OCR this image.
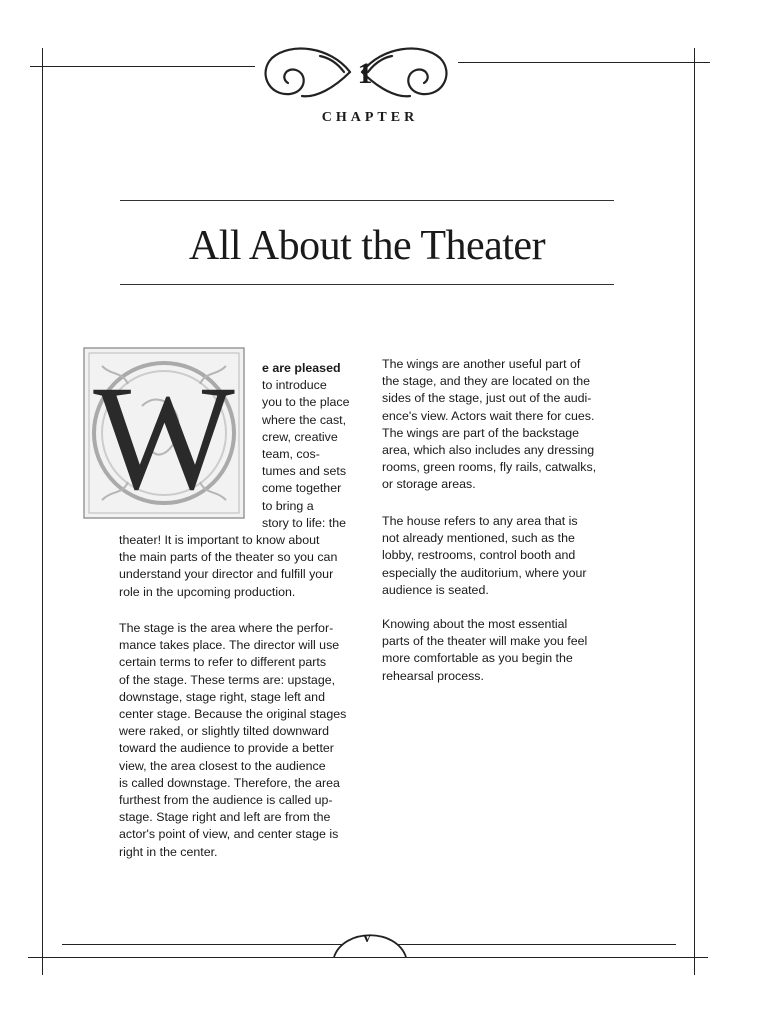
1
CHAPTER
All About the Theater
W e are pleased
to introduce
you to the place
where the cast,
crew, creative
team, cos-
tumes and sets
come together
to bring a
story to life: the
theater! It is important to know about
the main parts of the theater so you can
understand your director and fulfill your
role in the upcoming production.
The stage is the area where the perfor-
mance takes place. The director will use
certain terms to refer to different parts
of the stage. These terms are: upstage,
downstage, stage right, stage left and
center stage. Because the original stages
were raked, or slightly tilted downward
toward the audience to provide a better
view, the area closest to the audience
is called downstage. Therefore, the area
furthest from the audience is called up-
stage. Stage right and left are from the
actor's point of view, and center stage is
right in the center.
The wings are another useful part of
the stage, and they are located on the
sides of the stage, just out of the audi-
ence's view. Actors wait there for cues.
The wings are part of the backstage
area, which also includes any dressing
rooms, green rooms, fly rails, catwalks,
or storage areas.
The house refers to any area that is
not already mentioned, such as the
lobby, restrooms, control booth and
especially the auditorium, where your
audience is seated.
Knowing about the most essential
parts of the theater will make you feel
more comfortable as you begin the
rehearsal process.
v
